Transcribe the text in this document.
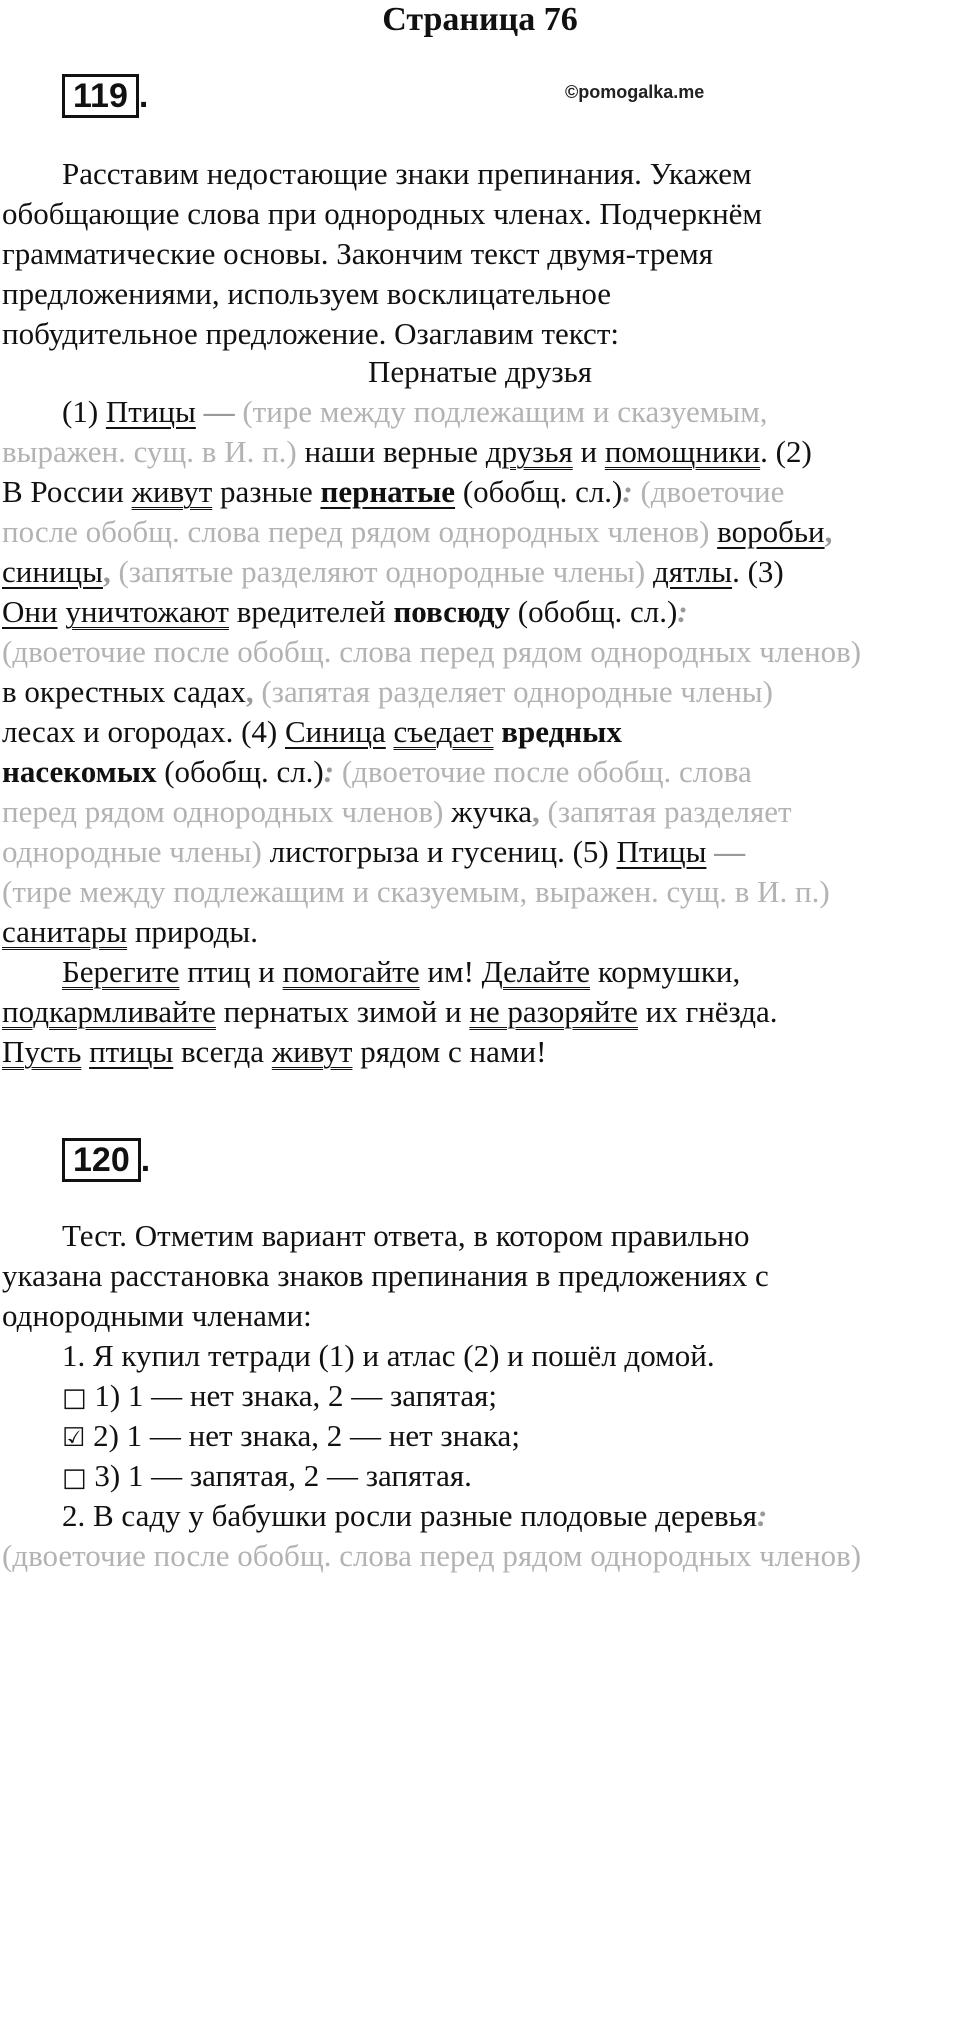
Страница 76
©pomogalka.me
119 .
Расставим недостающие знаки препинания. Укажем
обобщающие слова при однородных членах. Подчеркнём
грамматические основы. Закончим текст двумя-тремя
предложениями, используем восклицательное
побудительное предложение. Озаглавим текст:
Пернатые друзья
(1) Птицы — (тире между подлежащим и сказуемым,
выражен. сущ. в И. п.) наши верные друзья и помощники. (2)
В России живут разные пернатые (обобщ. сл.): (двоеточие
после обобщ. слова перед рядом однородных членов) воробьи,
синицы, (запятые разделяют однородные члены) дятлы. (3)
Они уничтожают вредителей повсюду (обобщ. сл.):
(двоеточие после обобщ. слова перед рядом однородных членов)
в окрестных садах, (запятая разделяет однородные члены)
лесах и огородах. (4) Синица съедает вредных
насекомых (обобщ. сл.): (двоеточие после обобщ. слова
перед рядом однородных членов) жучка, (запятая разделяет
однородные члены) листогрыза и гусениц. (5) Птицы —
(тире между подлежащим и сказуемым, выражен. сущ. в И. п.)
санитары природы.
Берегите птиц и помогайте им! Делайте кормушки,
подкармливайте пернатых зимой и не разоряйте их гнёзда.
Пусть птицы всегда живут рядом с нами!
120 .
Тест. Отметим вариант ответа, в котором правильно
указана расстановка знаков препинания в предложениях с
однородными членами:
1. Я купил тетради (1) и атлас (2) и пошёл домой.
□ 1) 1 — нет знака, 2 — запятая;
☑ 2) 1 — нет знака, 2 — нет знака;
□ 3) 1 — запятая, 2 — запятая.
2. В саду у бабушки росли разные плодовые деревья:
(двоеточие после обобщ. слова перед рядом однородных членов)
